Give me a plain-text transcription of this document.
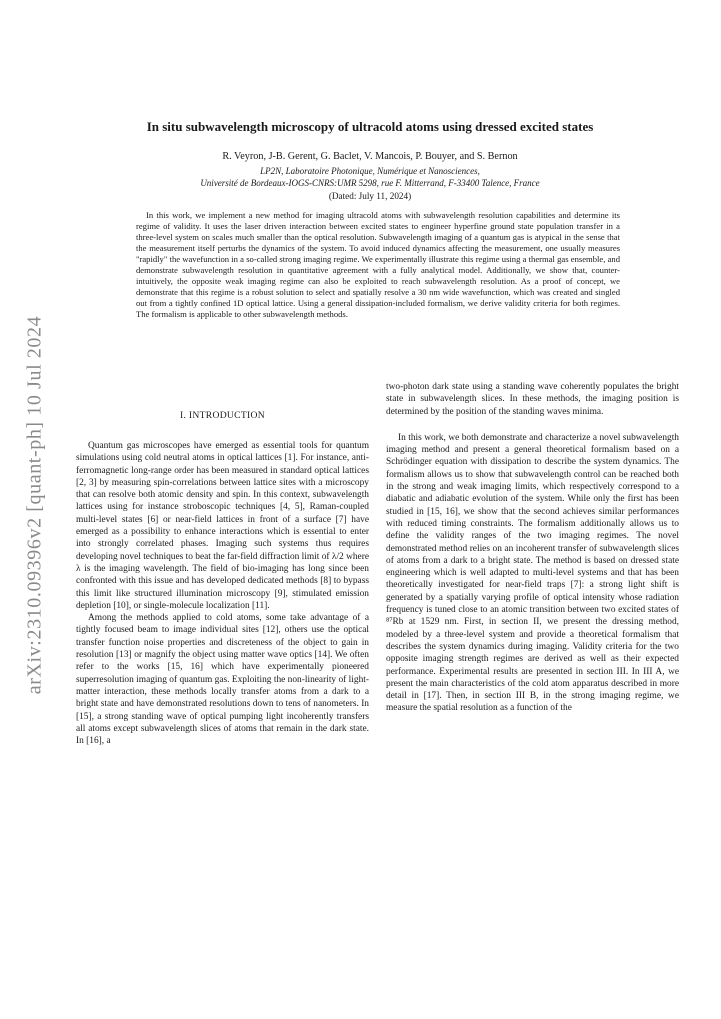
arXiv:2310.09396v2 [quant-ph] 10 Jul 2024
In situ subwavelength microscopy of ultracold atoms using dressed excited states
R. Veyron, J-B. Gerent, G. Baclet, V. Mancois, P. Bouyer, and S. Bernon
LP2N, Laboratoire Photonique, Numérique et Nanosciences,
Université de Bordeaux-IOGS-CNRS:UMR 5298, rue F. Mitterrand, F-33400 Talence, France
(Dated: July 11, 2024)

In this work, we implement a new method for imaging ultracold atoms with subwavelength resolution capabilities and determine its regime of validity. It uses the laser driven interaction between excited states to engineer hyperfine ground state population transfer in a three-level system on scales much smaller than the optical resolution. Subwavelength imaging of a quantum gas is atypical in the sense that the measurement itself perturbs the dynamics of the system. To avoid induced dynamics affecting the measurement, one usually measures "rapidly" the wavefunction in a so-called strong imaging regime. We experimentally illustrate this regime using a thermal gas ensemble, and demonstrate subwavelength resolution in quantitative agreement with a fully analytical model. Additionally, we show that, counter-intuitively, the opposite weak imaging regime can also be exploited to reach subwavelength resolution. As a proof of concept, we demonstrate that this regime is a robust solution to select and spatially resolve a 30 nm wide wavefunction, which was created and singled out from a tightly confined 1D optical lattice. Using a general dissipation-included formalism, we derive validity criteria for both regimes. The formalism is applicable to other subwavelength methods.

I. INTRODUCTION

Quantum gas microscopes have emerged as essential tools for quantum simulations using cold neutral atoms in optical lattices [1]. For instance, anti-ferromagnetic long-range order has been measured in standard optical lattices [2, 3] by measuring spin-correlations between lattice sites with a microscopy that can resolve both atomic density and spin. In this context, subwavelength lattices using for instance stroboscopic techniques [4, 5], Raman-coupled multi-level states [6] or near-field lattices in front of a surface [7] have emerged as a possibility to enhance interactions which is essential to enter into strongly correlated phases. Imaging such systems thus requires developing novel techniques to beat the far-field diffraction limit of λ/2 where λ is the imaging wavelength. The field of bio-imaging has long since been confronted with this issue and has developed dedicated methods [8] to bypass this limit like structured illumination microscopy [9], stimulated emission depletion [10], or single-molecule localization [11].

Among the methods applied to cold atoms, some take advantage of a tightly focused beam to image individual sites [12], others use the optical transfer function noise properties and discreteness of the object to gain in resolution [13] or magnify the object using matter wave optics [14]. We often refer to the works [15, 16] which have experimentally pioneered superresolution imaging of quantum gas. Exploiting the non-linearity of light-matter interaction, these methods locally transfer atoms from a dark to a bright state and have demonstrated resolutions down to tens of nanometers. In [15], a strong standing wave of optical pumping light incoherently transfers all atoms except subwavelength slices of atoms that remain in the dark state. In [16], a

two-photon dark state using a standing wave coherently populates the bright state in subwavelength slices. In these methods, the imaging position is determined by the position of the standing waves minima.

In this work, we both demonstrate and characterize a novel subwavelength imaging method and present a general theoretical formalism based on a Schrödinger equation with dissipation to describe the system dynamics. The formalism allows us to show that subwavelength control can be reached both in the strong and weak imaging limits, which respectively correspond to a diabatic and adiabatic evolution of the system. While only the first has been studied in [15, 16], we show that the second achieves similar performances with reduced timing constraints. The formalism additionally allows us to define the validity ranges of the two imaging regimes. The novel demonstrated method relies on an incoherent transfer of subwavelength slices of atoms from a dark to a bright state. The method is based on dressed state engineering which is well adapted to multi-level systems and that has been theoretically investigated for near-field traps [7]: a strong light shift is generated by a spatially varying profile of optical intensity whose radiation frequency is tuned close to an atomic transition between two excited states of ⁸⁷Rb at 1529 nm. First, in section II, we present the dressing method, modeled by a three-level system and provide a theoretical formalism that describes the system dynamics during imaging. Validity criteria for the two opposite imaging strength regimes are derived as well as their expected performance. Experimental results are presented in section III. In III A, we present the main characteristics of the cold atom apparatus described in more detail in [17]. Then, in section III B, in the strong imaging regime, we measure the spatial resolution as a function of the
